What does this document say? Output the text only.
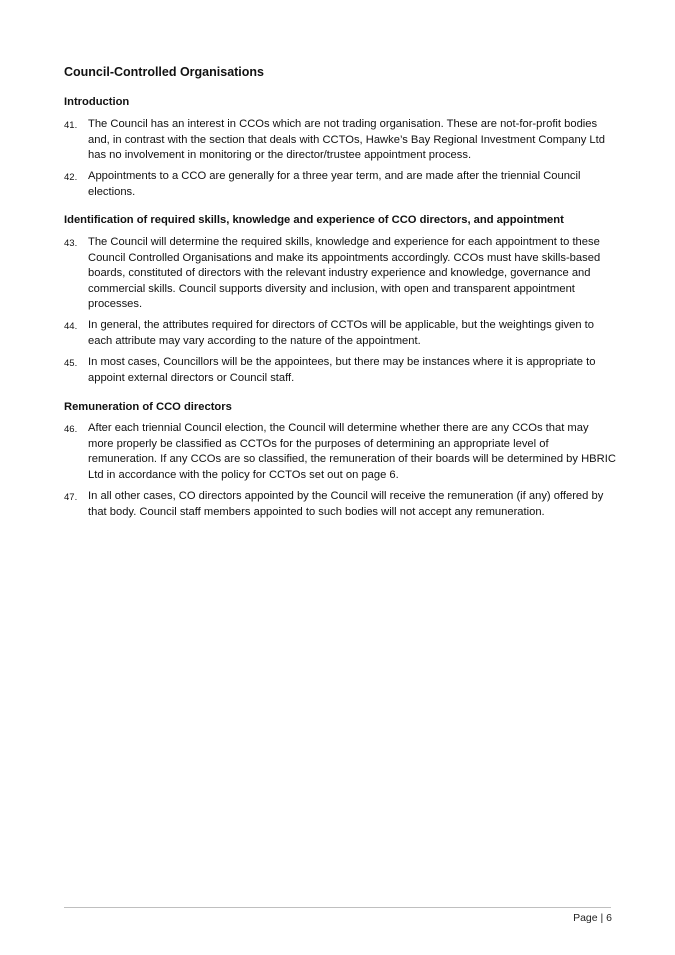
Council-Controlled Organisations
Introduction
41. The Council has an interest in CCOs which are not trading organisation. These are not-for-profit bodies and, in contrast with the section that deals with CCTOs, Hawke’s Bay Regional Investment Company Ltd has no involvement in monitoring or the director/trustee appointment process.
42. Appointments to a CCO are generally for a three year term, and are made after the triennial Council elections.
Identification of required skills, knowledge and experience of CCO directors, and appointment
43. The Council will determine the required skills, knowledge and experience for each appointment to these Council Controlled Organisations and make its appointments accordingly. CCOs must have skills-based boards, constituted of directors with the relevant industry experience and knowledge, governance and commercial skills. Council supports diversity and inclusion, with open and transparent appointment processes.
44. In general, the attributes required for directors of CCTOs will be applicable, but the weightings given to each attribute may vary according to the nature of the appointment.
45. In most cases, Councillors will be the appointees, but there may be instances where it is appropriate to appoint external directors or Council staff.
Remuneration of CCO directors
46. After each triennial Council election, the Council will determine whether there are any CCOs that may more properly be classified as CCTOs for the purposes of determining an appropriate level of remuneration. If any CCOs are so classified, the remuneration of their boards will be determined by HBRIC Ltd in accordance with the policy for CCTOs set out on page 6.
47. In all other cases, CO directors appointed by the Council will receive the remuneration (if any) offered by that body. Council staff members appointed to such bodies will not accept any remuneration.
Page | 6
